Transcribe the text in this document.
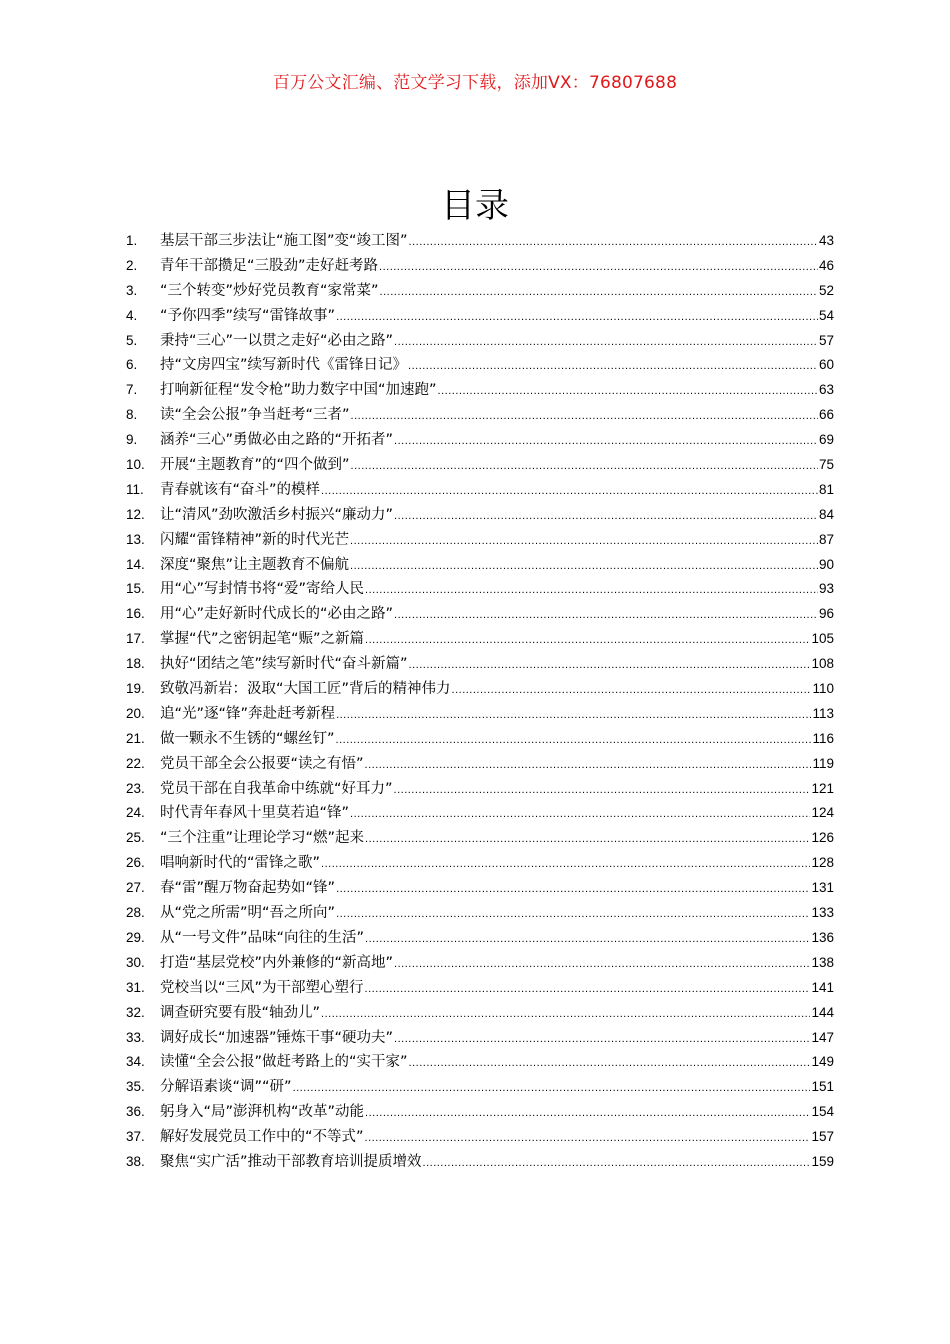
百万公文汇编、范文学习下载，添加VX：76807688
目录
1.	基层干部三步法让“施工图”变“竣工图” .....	43
2.	青年干部攒足“三股劲”走好赶考路 .....	46
3.	“三个转变”炒好党员教育“家常菜” .....	52
4.	“予你四季”续写“雷锋故事” .....	54
5.	秉持“三心”一以贯之走好“必由之路” .....	57
6.	持“文房四宝”续写新时代《雷锋日记》 .....	60
7.	打响新征程“发令枪”助力数字中国“加速跑” .....	63
8.	读“全会公报”争当赶考“三者” .....	66
9.	涵养“三心”勇做必由之路的“开拓者” .....	69
10.	开展“主题教育”的“四个做到” .....	75
11.	青春就该有“奋斗”的模样 .....	81
12.	让“清风”劲吹激活乡村振兴“廉动力” .....	84
13.	闪耀“雷锋精神”新的时代光芒 .....	87
14.	深度“聚焦”让主题教育不偏航 .....	90
15.	用“心”写封情书将“爱”寄给人民 .....	93
16.	用“心”走好新时代成长的“必由之路” .....	96
17.	掌握“代”之密钥起笔“赈”之新篇 .....	105
18.	执好“团结之笔”续写新时代“奋斗新篇” .....	108
19.	致敬冯新岩：汲取“大国工匠”背后的精神伟力 .....	110
20.	追“光”逐“锋”奔赴赶考新程 .....	113
21.	做一颗永不生锈的“螺丝钉” .....	116
22.	党员干部全会公报要“读之有悟” .....	119
23.	党员干部在自我革命中练就“好耳力” .....	121
24.	时代青年春风十里莫若追“锋” .....	124
25.	“三个注重”让理论学习“燃”起来 .....	126
26.	唱响新时代的“雷锋之歌” .....	128
27.	春“雷”醒万物奋起势如“锋” .....	131
28.	从“党之所需”明“吾之所向” .....	133
29.	从“一号文件”品味“向往的生活” .....	136
30.	打造“基层党校”内外兼修的“新高地” .....	138
31.	党校当以“三风”为干部塑心塑行 .....	141
32.	调查研究要有股“轴劲儿” .....	144
33.	调好成长“加速器”锤炼干事“硬功夫” .....	147
34.	读懂“全会公报”做赶考路上的“实干家” .....	149
35.	分解语素谈“调”“研” .....	151
36.	躬身入“局”澎湃机构“改革”动能 .....	154
37.	解好发展党员工作中的“不等式” .....	157
38.	聚焦“实广活”推动干部教育培训提质增效 .....	159
